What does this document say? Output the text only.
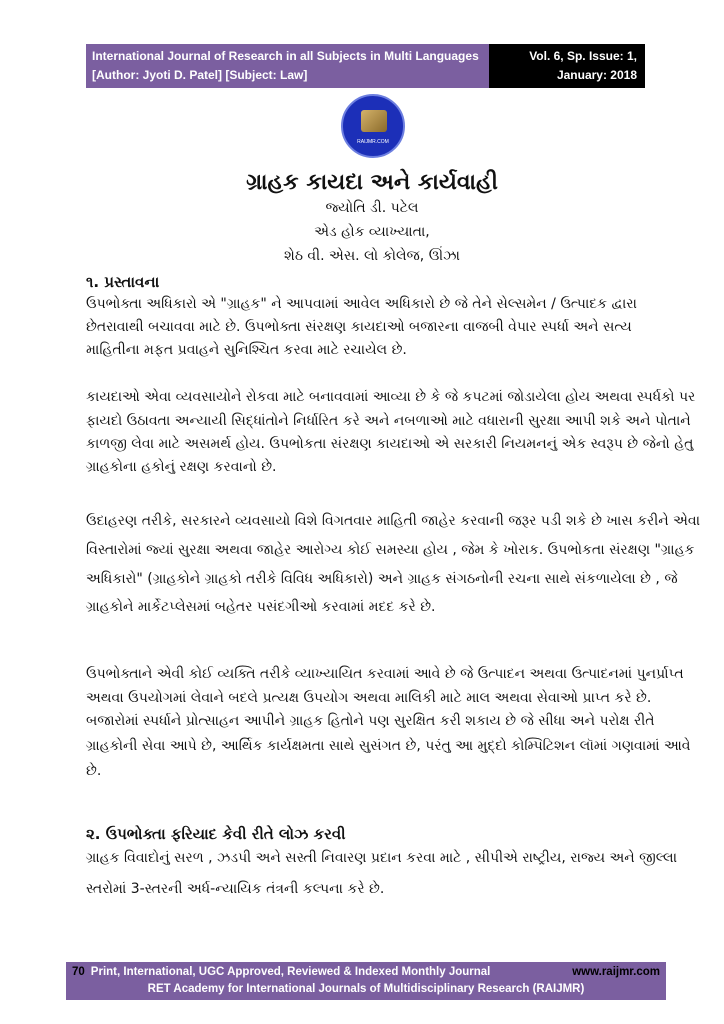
International Journal of Research in all Subjects in Multi Languages
[Author: Jyoti D. Patel] [Subject: Law]
Vol. 6, Sp. Issue: 1, January: 2018
(IJRSML) ISSN: 2321 - 2853
RAIJMR.COM
ગ્રાહક કાયદા અને કાર્યવાહી
જ્યોતિ ડી. પટેલ
એડ હોક વ્યાખ્યાતા,
શેઠ વી. એસ. લો કોલેજ, ઊંઝા
૧. પ્રસ્તાવના
ઉપભોક્તા અધિકારો એ "ગ્રાહક" ને આપવામાં આવેલ અધિકારો છે જે તેને સેલ્સમેન / ઉત્પાદક દ્વારા
છેતરાવાથી બચાવવા માટે છે. ઉપભોક્તા સંરક્ષણ કાયદાઓ બજારના વાજબી વેપાર સ્પર્ધા અને સત્ય
માહિતીના મફત પ્રવાહને સુનિશ્ચિત કરવા માટે રચાયેલ છે.
કાયદાઓ એવા વ્યવસાયોને રોકવા માટે બનાવવામાં આવ્યા છે કે જે કપટમાં જોડાયેલા હોય અથવા સ્પર્ધકો પર
ફાયદો ઉઠાવતા અન્યાયી સિદ્ધાંતોને નિર્ધારિત કરે અને નબળાઓ માટે વધારાની સુરક્ષા આપી શકે અને પોતાને
કાળજી લેવા માટે અસમર્થ હોય. ઉપભોકતા સંરક્ષણ કાયદાઓ એ સરકારી નિયમનનું એક સ્વરૂપ છે જેનો હેતુ
ગ્રાહકોના હકોનું રક્ષણ કરવાનો છે.
ઉદાહરણ તરીકે, સરકારને વ્યવસાયો વિશે વિગતવાર માહિતી જાહેર કરવાની જરૂર પડી શકે છે ખાસ કરીને એવા
વિસ્તારોમાં જ્યાં સુરક્ષા અથવા જાહેર આરોગ્ય કોઈ સમસ્યા હોય , જેમ કે ખોરાક. ઉપભોકતા સંરક્ષણ "ગ્રાહક
અધિકારો" (ગ્રાહકોને ગ્રાહકો તરીકે વિવિધ અધિકારો) અને ગ્રાહક સંગઠનોની રચના સાથે સંકળાયેલા છે , જે
ગ્રાહકોને માર્કેટપ્લેસમાં બહેતર પસંદગીઓ કરવામાં મદદ કરે છે.
ઉપભોક્તાને એવી કોઈ વ્યક્તિ તરીકે વ્યાખ્યાયિત કરવામાં આવે છે જે ઉત્પાદન અથવા ઉત્પાદનમાં પુનર્પ્રાપ્ત
અથવા ઉપયોગમાં લેવાને બદલે પ્રત્યક્ષ ઉપયોગ અથવા માલિકી માટે માલ અથવા સેવાઓ પ્રાપ્ત કરે છે.
બજારોમાં સ્પર્ધાને પ્રોત્સાહન આપીને ગ્રાહક હિતોને પણ સુરક્ષિત કરી શકાય છે જે સીધા અને પરોક્ષ રીતે
ગ્રાહકોની સેવા આપે છે, આર્થિક કાર્યક્ષમતા સાથે સુસંગત છે, પરંતુ આ મુદ્દો કોમ્પિટિશન લૉમાં ગણવામાં આવે
છે.
૨. ઉપભોક્તા ફરિયાદ કેવી રીતે લોઝ કરવી
ગ્રાહક વિવાદોનું સરળ , ઝડપી અને સસ્તી નિવારણ પ્રદાન કરવા માટે , સીપીએ રાષ્ટ્રીય, રાજ્ય અને જીલ્લા
સ્તરોમાં 3-સ્તરની અર્ધ-ન્યાયિક તંત્રની કલ્પના કરે છે.
70 Print, International, UGC Approved, Reviewed & Indexed Monthly Journal	www.raijmr.com
RET Academy for International Journals of Multidisciplinary Research (RAIJMR)
